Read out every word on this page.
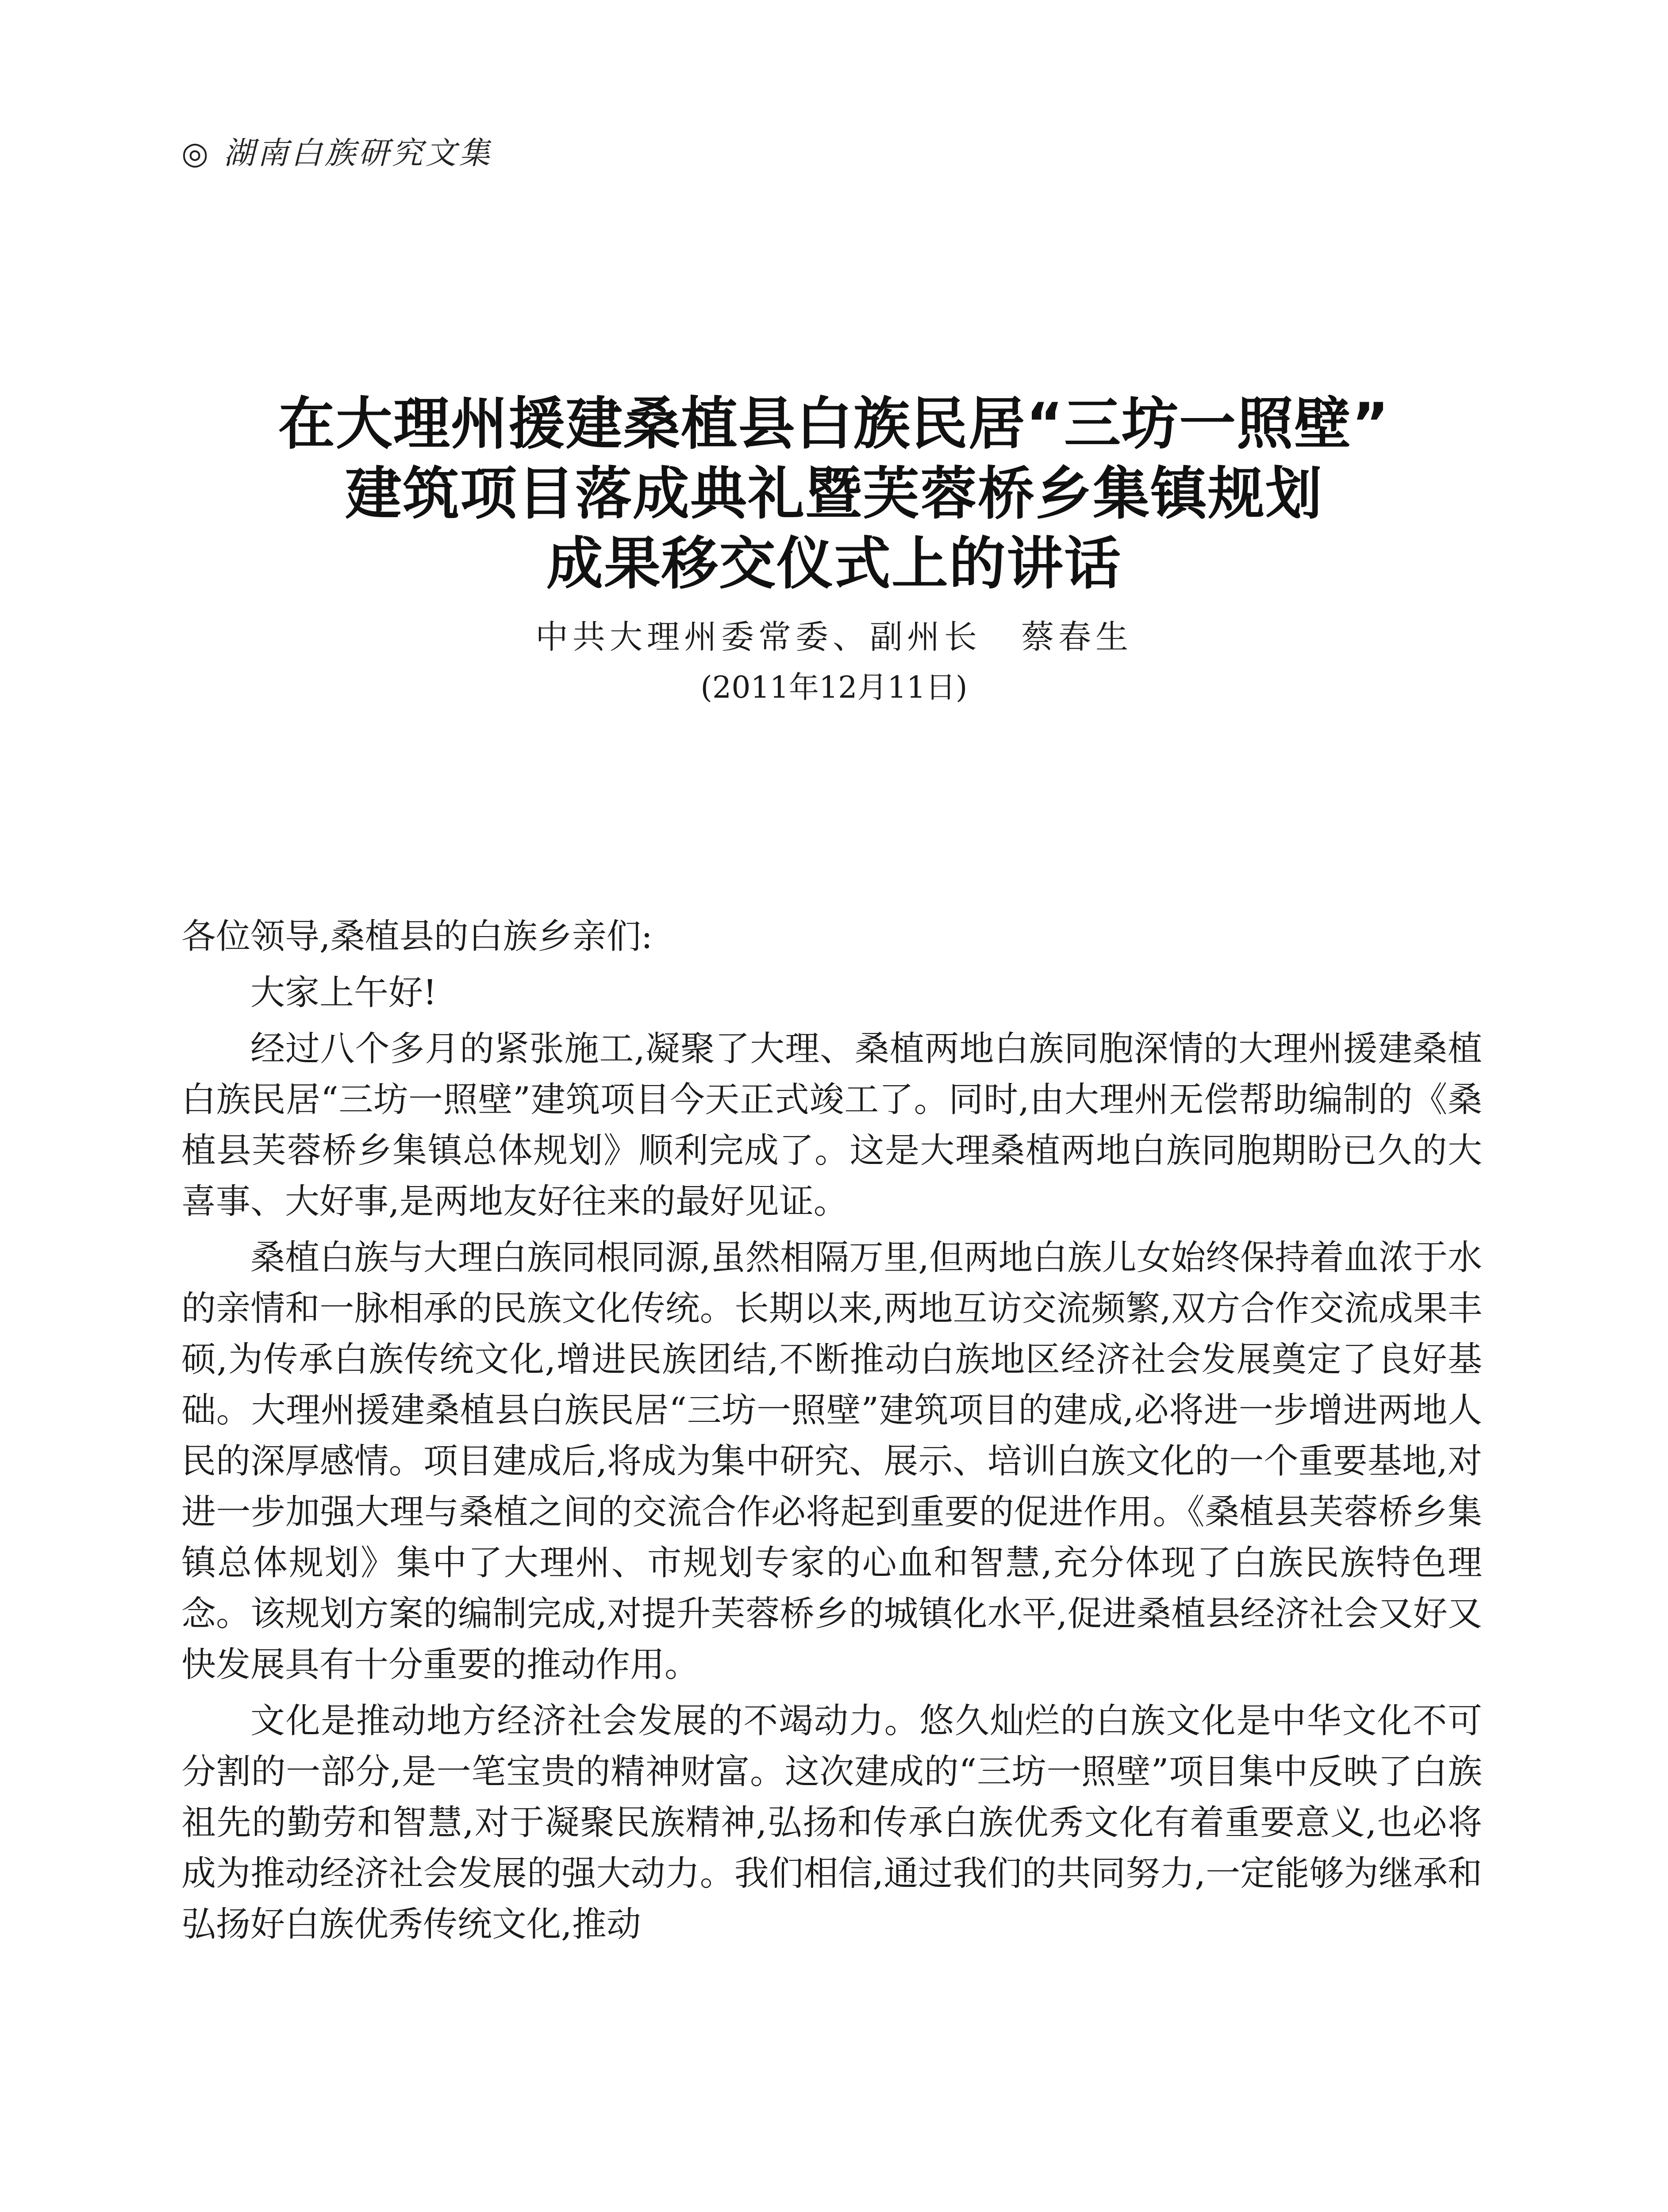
◎ 湖南白族研究文集
在大理州援建桑植县白族民居“三坊一照壁”
建筑项目落成典礼暨芙蓉桥乡集镇规划
成果移交仪式上的讲话
中共大理州委常委、副州长 蔡春生
(2011年12月11日)

各位领导,桑植县的白族乡亲们:

大家上午好!

经过八个多月的紧张施工,凝聚了大理、桑植两地白族同胞深情的大理州援建桑植白族民居“三坊一照壁”建筑项目今天正式竣工了。同时,由大理州无偿帮助编制的《桑植县芙蓉桥乡集镇总体规划》顺利完成了。这是大理桑植两地白族同胞期盼已久的大喜事、大好事,是两地友好往来的最好见证。

桑植白族与大理白族同根同源,虽然相隔万里,但两地白族儿女始终保持着血浓于水的亲情和一脉相承的民族文化传统。长期以来,两地互访交流频繁,双方合作交流成果丰硕,为传承白族传统文化,增进民族团结,不断推动白族地区经济社会发展奠定了良好基础。大理州援建桑植县白族民居“三坊一照壁”建筑项目的建成,必将进一步增进两地人民的深厚感情。项目建成后,将成为集中研究、展示、培训白族文化的一个重要基地,对进一步加强大理与桑植之间的交流合作必将起到重要的促进作用。《桑植县芙蓉桥乡集镇总体规划》集中了大理州、市规划专家的心血和智慧,充分体现了白族民族特色理念。该规划方案的编制完成,对提升芙蓉桥乡的城镇化水平,促进桑植县经济社会又好又快发展具有十分重要的推动作用。

文化是推动地方经济社会发展的不竭动力。悠久灿烂的白族文化是中华文化不可分割的一部分,是一笔宝贵的精神财富。这次建成的“三坊一照壁”项目集中反映了白族祖先的勤劳和智慧,对于凝聚民族精神,弘扬和传承白族优秀文化有着重要意义,也必将成为推动经济社会发展的强大动力。我们相信,通过我们的共同努力,一定能够为继承和弘扬好白族优秀传统文化,推动
